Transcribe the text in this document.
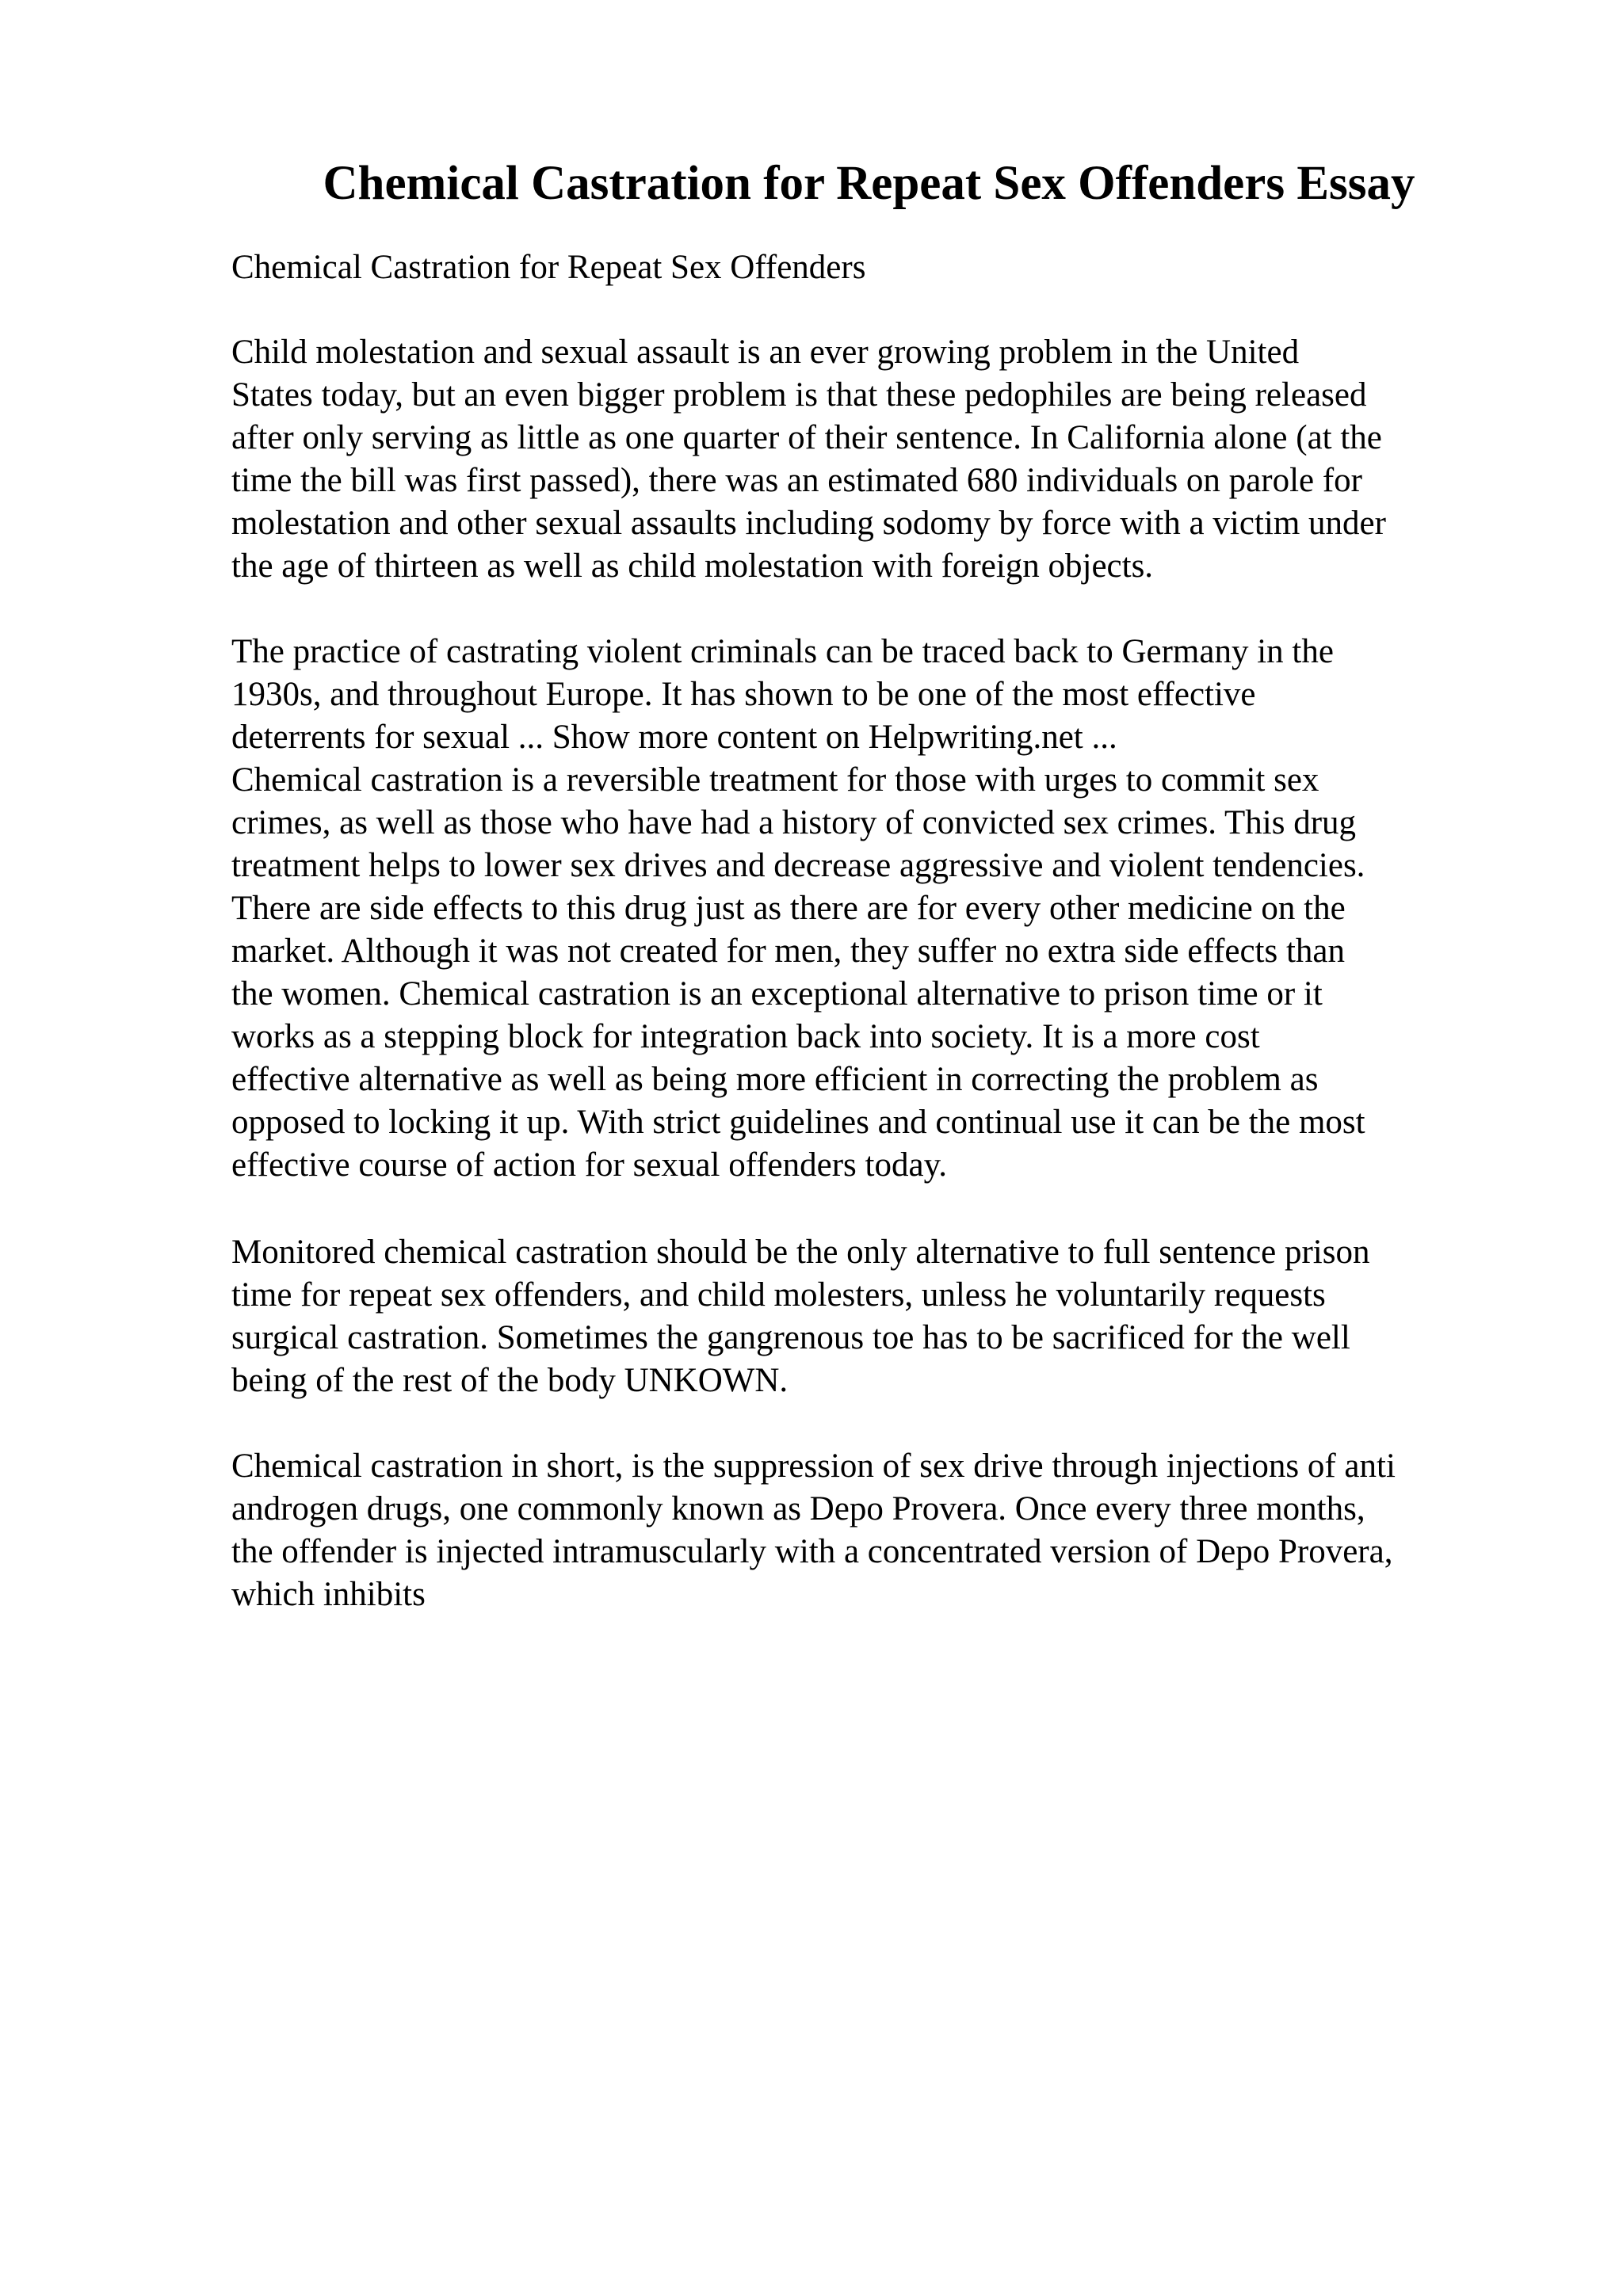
Chemical Castration for Repeat Sex Offenders Essay

Chemical Castration for Repeat Sex Offenders

Child molestation and sexual assault is an ever growing problem in the United
States today, but an even bigger problem is that these pedophiles are being released
after only serving as little as one quarter of their sentence. In California alone (at the
time the bill was first passed), there was an estimated 680 individuals on parole for
molestation and other sexual assaults including sodomy by force with a victim under
the age of thirteen as well as child molestation with foreign objects.

The practice of castrating violent criminals can be traced back to Germany in the
1930s, and throughout Europe. It has shown to be one of the most effective
deterrents for sexual ... Show more content on Helpwriting.net ...
Chemical castration is a reversible treatment for those with urges to commit sex
crimes, as well as those who have had a history of convicted sex crimes. This drug
treatment helps to lower sex drives and decrease aggressive and violent tendencies.
There are side effects to this drug just as there are for every other medicine on the
market. Although it was not created for men, they suffer no extra side effects than
the women. Chemical castration is an exceptional alternative to prison time or it
works as a stepping block for integration back into society. It is a more cost
effective alternative as well as being more efficient in correcting the problem as
opposed to locking it up. With strict guidelines and continual use it can be the most
effective course of action for sexual offenders today.

Monitored chemical castration should be the only alternative to full sentence prison
time for repeat sex offenders, and child molesters, unless he voluntarily requests
surgical castration. Sometimes the gangrenous toe has to be sacrificed for the well
being of the rest of the body UNKOWN.

Chemical castration in short, is the suppression of sex drive through injections of anti
androgen drugs, one commonly known as Depo Provera. Once every three months,
the offender is injected intramuscularly with a concentrated version of Depo Provera,
which inhibits
